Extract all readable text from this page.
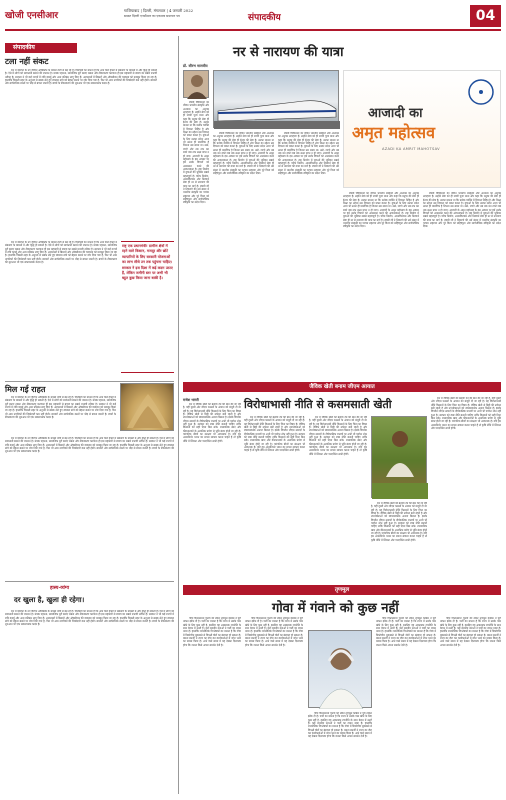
खोजी एनसीआर
गाजियाबाद | दिल्ली, मंगलवार | 4 जनवरी 2022
समस्त दिल्ली एनसीआर का एकमात्र समाचार पत्र	संपादकीय	04
संपादकीय
टला नहीं संकट

देश में कोरोना के नए वेरिएंट ओमिक्रॉन के मामले तेजी से बढ़ रहे हैं। विशेषज्ञों का मानना है कि आने वाले हफ्तों में संक्रमण के मामलों में और वृद्धि हो सकती है। ऐसे में लोगों को सावधानी बरतने की जरूरत है। मास्क पहनना, सामाजिक दूरी बनाए रखना और टीकाकरण करवाना ही इस महामारी से बचाव का सबसे प्रभावी तरीका है। सरकार ने भी कई राज्यों में रात्रि कर्फ्यू और अन्य प्रतिबंध लागू किए हैं। अस्पतालों में बिस्तरों और ऑक्सीजन की व्यवस्था को मजबूत किया जा रहा है। हालांकि पिछली लहर के अनुभव से सबक लेते हुए स्वास्थ्य ढांचे को बेहतर बनाने पर जोर दिया गया है, फिर भी आम नागरिकों की जिम्मेदारी कम नहीं होती। बाजारों और सार्वजनिक स्थलों पर भीड़ से बचना जरूरी है। बच्चों के टीकाकरण की शुरुआत भी एक सकारात्मक कदम है।

देश में कोरोना के नए वेरिएंट ओमिक्रॉन के मामले तेजी से बढ़ रहे हैं। विशेषज्ञों का मानना है कि आने वाले हफ्तों में संक्रमण के मामलों में और वृद्धि हो सकती है। ऐसे में लोगों को सावधानी बरतने की जरूरत है। मास्क पहनना, सामाजिक दूरी बनाए रखना और टीकाकरण करवाना ही इस महामारी से बचाव का सबसे प्रभावी तरीका है। सरकार ने भी कई राज्यों में रात्रि कर्फ्यू और अन्य प्रतिबंध लागू किए हैं। अस्पतालों में बिस्तरों और ऑक्सीजन की व्यवस्था को मजबूत किया जा रहा है। हालांकि पिछली लहर के अनुभव से सबक लेते हुए स्वास्थ्य ढांचे को बेहतर बनाने पर जोर दिया गया है, फिर भी आम नागरिकों की जिम्मेदारी कम नहीं होती। बाजारों और सार्वजनिक स्थलों पर भीड़ से बचना जरूरी है। बच्चों के टीकाकरण की शुरुआत भी एक सकारात्मक कदम है।

राष्ट्र एक प्रधानमंत्री! ग्रामीण क्षेत्रों में रहने वाले किसान, मजदूर और छोटे व्यापारियों के लिए सरकारी योजनाओं का लाभ सीधे उन तक पहुंचना चाहिए। सरकार ने इस दिशा में कई कदम उठाए हैं, लेकिन जमीनी स्तर पर अभी भी बहुत कुछ किया जाना बाकी है।
मिल गई राहत

देश में कोरोना के नए वेरिएंट ओमिक्रॉन के मामले तेजी से बढ़ रहे हैं। विशेषज्ञों का मानना है कि आने वाले हफ्तों में संक्रमण के मामलों में और वृद्धि हो सकती है। ऐसे में लोगों को सावधानी बरतने की जरूरत है। मास्क पहनना, सामाजिक दूरी बनाए रखना और टीकाकरण करवाना ही इस महामारी से बचाव का सबसे प्रभावी तरीका है। सरकार ने भी कई राज्यों में रात्रि कर्फ्यू और अन्य प्रतिबंध लागू किए हैं। अस्पतालों में बिस्तरों और ऑक्सीजन की व्यवस्था को मजबूत किया जा रहा है। हालांकि पिछली लहर के अनुभव से सबक लेते हुए स्वास्थ्य ढांचे को बेहतर बनाने पर जोर दिया गया है, फिर भी आम नागरिकों की जिम्मेदारी कम नहीं होती। बाजारों और सार्वजनिक स्थलों पर भीड़ से बचना जरूरी है। बच्चों के टीकाकरण की शुरुआत भी एक सकारात्मक कदम है।

देश में कोरोना के नए वेरिएंट ओमिक्रॉन के मामले तेजी से बढ़ रहे हैं। विशेषज्ञों का मानना है कि आने वाले हफ्तों में संक्रमण के मामलों में और वृद्धि हो सकती है। ऐसे में लोगों को सावधानी बरतने की जरूरत है। मास्क पहनना, सामाजिक दूरी बनाए रखना और टीकाकरण करवाना ही इस महामारी से बचाव का सबसे प्रभावी तरीका है। सरकार ने भी कई राज्यों में रात्रि कर्फ्यू और अन्य प्रतिबंध लागू किए हैं। अस्पतालों में बिस्तरों और ऑक्सीजन की व्यवस्था को मजबूत किया जा रहा है। हालांकि पिछली लहर के अनुभव से सबक लेते हुए स्वास्थ्य ढांचे को बेहतर बनाने पर जोर दिया गया है, फिर भी आम नागरिकों की जिम्मेदारी कम नहीं होती। बाजारों और सार्वजनिक स्थलों पर भीड़ से बचना जरूरी है। बच्चों के टीकाकरण की शुरुआत भी एक सकारात्मक कदम है।

हास्य-व्यंग्य
दर खुला है, खुला ही रहेगा।

देश में कोरोना के नए वेरिएंट ओमिक्रॉन के मामले तेजी से बढ़ रहे हैं। विशेषज्ञों का मानना है कि आने वाले हफ्तों में संक्रमण के मामलों में और वृद्धि हो सकती है। ऐसे में लोगों को सावधानी बरतने की जरूरत है। मास्क पहनना, सामाजिक दूरी बनाए रखना और टीकाकरण करवाना ही इस महामारी से बचाव का सबसे प्रभावी तरीका है। सरकार ने भी कई राज्यों में रात्रि कर्फ्यू और अन्य प्रतिबंध लागू किए हैं। अस्पतालों में बिस्तरों और ऑक्सीजन की व्यवस्था को मजबूत किया जा रहा है। हालांकि पिछली लहर के अनुभव से सबक लेते हुए स्वास्थ्य ढांचे को बेहतर बनाने पर जोर दिया गया है, फिर भी आम नागरिकों की जिम्मेदारी कम नहीं होती। बाजारों और सार्वजनिक स्थलों पर भीड़ से बचना जरूरी है। बच्चों के टीकाकरण की शुरुआत भी एक सकारात्मक कदम है।

नर से नारायण की यात्रा
डॉ. सौरभ मालवीय
आजादी का
अमृत महोत्सव
AZADI KA AMRIT MAHOTSAV

स्वामी विवेकानंद का जीवन भारतीय संस्कृति और अध्यात्म का अनुपम उदाहरण है। उन्होंने सेवा को ही सच्ची पूजा माना और कहा कि मनुष्य की सेवा ही ईश्वर की सेवा है। उनका मानना था कि प्रत्येक व्यक्ति में दिव्यता निहित है और शिक्षा का उद्देश्य उस दिव्यता को प्रकट करना है। युवाओं के लिए उनका संदेश आज भी उतना ही प्रासंगिक है जितना उस समय था। उठो, जागो और तब तक मत रुको जब तक लक्ष्य प्राप्त न हो जाए। आजादी के अमृत महोत्सव के इस अवसर पर हमें उनके विचारों को आत्मसात करने की आवश्यकता है। राष्ट्र निर्माण में युवाओं की भूमिका सबसे महत्वपूर्ण है। चरित्र निर्माण, आत्मविश्वास और निस्वार्थ सेवा ही नर से नारायण की यात्रा का मार्ग है। स्वामी जी ने शिकागो की धर्म संसद में भारतीय संस्कृति का परचम लहराया और पूरे विश्व को सहिष्णुता और सार्वभौमिक स्वीकृति का संदेश दिया।

स्वामी विवेकानंद का जीवन भारतीय संस्कृति और अध्यात्म का अनुपम उदाहरण है। उन्होंने सेवा को ही सच्ची पूजा माना और कहा कि मनुष्य की सेवा ही ईश्वर की सेवा है। उनका मानना था कि प्रत्येक व्यक्ति में दिव्यता निहित है और शिक्षा का उद्देश्य उस दिव्यता को प्रकट करना है। युवाओं के लिए उनका संदेश आज भी उतना ही प्रासंगिक है जितना उस समय था। उठो, जागो और तब तक मत रुको जब तक लक्ष्य प्राप्त न हो जाए। आजादी के अमृत महोत्सव के इस अवसर पर हमें उनके विचारों को आत्मसात करने की आवश्यकता है। राष्ट्र निर्माण में युवाओं की भूमिका सबसे महत्वपूर्ण है। चरित्र निर्माण, आत्मविश्वास और निस्वार्थ सेवा ही नर से नारायण की यात्रा का मार्ग है। स्वामी जी ने शिकागो की धर्म संसद में भारतीय संस्कृति का परचम लहराया और पूरे विश्व को सहिष्णुता और सार्वभौमिक स्वीकृति का संदेश दिया।

स्वामी विवेकानंद का जीवन भारतीय संस्कृति और अध्यात्म का अनुपम उदाहरण है। उन्होंने सेवा को ही सच्ची पूजा माना और कहा कि मनुष्य की सेवा ही ईश्वर की सेवा है। उनका मानना था कि प्रत्येक व्यक्ति में दिव्यता निहित है और शिक्षा का उद्देश्य उस दिव्यता को प्रकट करना है। युवाओं के लिए उनका संदेश आज भी उतना ही प्रासंगिक है जितना उस समय था। उठो, जागो और तब तक मत रुको जब तक लक्ष्य प्राप्त न हो जाए। आजादी के अमृत महोत्सव के इस अवसर पर हमें उनके विचारों को आत्मसात करने की आवश्यकता है। राष्ट्र निर्माण में युवाओं की भूमिका सबसे महत्वपूर्ण है। चरित्र निर्माण, आत्मविश्वास और निस्वार्थ सेवा ही नर से नारायण की यात्रा का मार्ग है। स्वामी जी ने शिकागो की धर्म संसद में भारतीय संस्कृति का परचम लहराया और पूरे विश्व को सहिष्णुता और सार्वभौमिक स्वीकृति का संदेश दिया।

स्वामी विवेकानंद का जीवन भारतीय संस्कृति और अध्यात्म का अनुपम उदाहरण है। उन्होंने सेवा को ही सच्ची पूजा माना और कहा कि मनुष्य की सेवा ही ईश्वर की सेवा है। उनका मानना था कि प्रत्येक व्यक्ति में दिव्यता निहित है और शिक्षा का उद्देश्य उस दिव्यता को प्रकट करना है। युवाओं के लिए उनका संदेश आज भी उतना ही प्रासंगिक है जितना उस समय था। उठो, जागो और तब तक मत रुको जब तक लक्ष्य प्राप्त न हो जाए। आजादी के अमृत महोत्सव के इस अवसर पर हमें उनके विचारों को आत्मसात करने की आवश्यकता है। राष्ट्र निर्माण में युवाओं की भूमिका सबसे महत्वपूर्ण है। चरित्र निर्माण, आत्मविश्वास और निस्वार्थ सेवा ही नर से नारायण की यात्रा का मार्ग है। स्वामी जी ने शिकागो की धर्म संसद में भारतीय संस्कृति का परचम लहराया और पूरे विश्व को सहिष्णुता और सार्वभौमिक स्वीकृति का संदेश दिया।

स्वामी विवेकानंद का जीवन भारतीय संस्कृति और अध्यात्म का अनुपम उदाहरण है। उन्होंने सेवा को ही सच्ची पूजा माना और कहा कि मनुष्य की सेवा ही ईश्वर की सेवा है। उनका मानना था कि प्रत्येक व्यक्ति में दिव्यता निहित है और शिक्षा का उद्देश्य उस दिव्यता को प्रकट करना है। युवाओं के लिए उनका संदेश आज भी उतना ही प्रासंगिक है जितना उस समय था। उठो, जागो और तब तक मत रुको जब तक लक्ष्य प्राप्त न हो जाए। आजादी के अमृत महोत्सव के इस अवसर पर हमें उनके विचारों को आत्मसात करने की आवश्यकता है। राष्ट्र निर्माण में युवाओं की भूमिका सबसे महत्वपूर्ण है। चरित्र निर्माण, आत्मविश्वास और निस्वार्थ सेवा ही नर से नारायण की यात्रा का मार्ग है। स्वामी जी ने शिकागो की धर्म संसद में भारतीय संस्कृति का परचम लहराया और पूरे विश्व को सहिष्णुता और सार्वभौमिक स्वीकृति का संदेश दिया।

जैविक खेती बनाम जीएम आयात
राजेश भारती

देश में जैविक खेती को बढ़ावा देने की बात की जा रही है, वहीं दूसरी ओर जीएम फसलों के आयात को मंजूरी दी जा रही है। यह विरोधाभासी नीति किसानों के लिए चिंता का विषय है। जैविक खेती से मिट्टी की उर्वरता बनी रहती है और उपभोक्ताओं को स्वास्थ्यवर्धक अनाज मिलता है। इसके विपरीत जीएम उत्पादों के दीर्घकालिक प्रभावों पर अभी भी पर्याप्त शोध नहीं हुआ है। सरकार को स्पष्ट नीति बनानी चाहिए ताकि किसानों को सही दिशा मिल सके। रासायनिक खाद और कीटनाशकों के अत्यधिक प्रयोग से भूमि बंजर होती जा रही है। पारंपरिक बीजों का संरक्षण भी आवश्यक है। यदि हम आत्मनिर्भर भारत का सपना साकार करना चाहते हैं तो कृषि नीति में स्थिरता और पारदर्शिता लानी होगी।

विरोधाभासी नीति से कसमसाती खेती

देश में जैविक खेती को बढ़ावा देने की बात की जा रही है, वहीं दूसरी ओर जीएम फसलों के आयात को मंजूरी दी जा रही है। यह विरोधाभासी नीति किसानों के लिए चिंता का विषय है। जैविक खेती से मिट्टी की उर्वरता बनी रहती है और उपभोक्ताओं को स्वास्थ्यवर्धक अनाज मिलता है। इसके विपरीत जीएम उत्पादों के दीर्घकालिक प्रभावों पर अभी भी पर्याप्त शोध नहीं हुआ है। सरकार को स्पष्ट नीति बनानी चाहिए ताकि किसानों को सही दिशा मिल सके। रासायनिक खाद और कीटनाशकों के अत्यधिक प्रयोग से भूमि बंजर होती जा रही है। पारंपरिक बीजों का संरक्षण भी आवश्यक है। यदि हम आत्मनिर्भर भारत का सपना साकार करना चाहते हैं तो कृषि नीति में स्थिरता और पारदर्शिता लानी होगी।

देश में जैविक खेती को बढ़ावा देने की बात की जा रही है, वहीं दूसरी ओर जीएम फसलों के आयात को मंजूरी दी जा रही है। यह विरोधाभासी नीति किसानों के लिए चिंता का विषय है। जैविक खेती से मिट्टी की उर्वरता बनी रहती है और उपभोक्ताओं को स्वास्थ्यवर्धक अनाज मिलता है। इसके विपरीत जीएम उत्पादों के दीर्घकालिक प्रभावों पर अभी भी पर्याप्त शोध नहीं हुआ है। सरकार को स्पष्ट नीति बनानी चाहिए ताकि किसानों को सही दिशा मिल सके। रासायनिक खाद और कीटनाशकों के अत्यधिक प्रयोग से भूमि बंजर होती जा रही है। पारंपरिक बीजों का संरक्षण भी आवश्यक है। यदि हम आत्मनिर्भर भारत का सपना साकार करना चाहते हैं तो कृषि नीति में स्थिरता और पारदर्शिता लानी होगी।

देश में जैविक खेती को बढ़ावा देने की बात की जा रही है, वहीं दूसरी ओर जीएम फसलों के आयात को मंजूरी दी जा रही है। यह विरोधाभासी नीति किसानों के लिए चिंता का विषय है। जैविक खेती से मिट्टी की उर्वरता बनी रहती है और उपभोक्ताओं को स्वास्थ्यवर्धक अनाज मिलता है। इसके विपरीत जीएम उत्पादों के दीर्घकालिक प्रभावों पर अभी भी पर्याप्त शोध नहीं हुआ है। सरकार को स्पष्ट नीति बनानी चाहिए ताकि किसानों को सही दिशा मिल सके। रासायनिक खाद और कीटनाशकों के अत्यधिक प्रयोग से भूमि बंजर होती जा रही है। पारंपरिक बीजों का संरक्षण भी आवश्यक है। यदि हम आत्मनिर्भर भारत का सपना साकार करना चाहते हैं तो कृषि नीति में स्थिरता और पारदर्शिता लानी होगी।

देश में जैविक खेती को बढ़ावा देने की बात की जा रही है, वहीं दूसरी ओर जीएम फसलों के आयात को मंजूरी दी जा रही है। यह विरोधाभासी नीति किसानों के लिए चिंता का विषय है। जैविक खेती से मिट्टी की उर्वरता बनी रहती है और उपभोक्ताओं को स्वास्थ्यवर्धक अनाज मिलता है। इसके विपरीत जीएम उत्पादों के दीर्घकालिक प्रभावों पर अभी भी पर्याप्त शोध नहीं हुआ है। सरकार को स्पष्ट नीति बनानी चाहिए ताकि किसानों को सही दिशा मिल सके। रासायनिक खाद और कीटनाशकों के अत्यधिक प्रयोग से भूमि बंजर होती जा रही है। पारंपरिक बीजों का संरक्षण भी आवश्यक है। यदि हम आत्मनिर्भर भारत का सपना साकार करना चाहते हैं तो कृषि नीति में स्थिरता और पारदर्शिता लानी होगी।

तृणमूल
गोवा में गंवाने को कुछ नहीं

गोवा विधानसभा चुनाव को लेकर तृणमूल कांग्रेस ने पूरी ताकत झोंक दी है। पार्टी का मानना है कि राज्य में उसके पास खोने के लिए कुछ नहीं है, इसलिए वह आक्रामक रणनीति के साथ मैदान में उतरी है। कई स्थानीय नेताओं ने पार्टी का दामन थामा है। हालांकि राजनीतिक विश्लेषकों का मानना है कि गोवा में त्रिकोणीय मुकाबले से विपक्षी वोटों का बंटवारा हो सकता है। ममता बनर्जी ने राज्य का दौरा कर कार्यकर्ताओं में जोश भरने का प्रयास किया है। आने वाले समय में यह देखना दिलचस्प होगा कि जनता किसे अपना समर्थन देती है।

गोवा विधानसभा चुनाव को लेकर तृणमूल कांग्रेस ने पूरी ताकत झोंक दी है। पार्टी का मानना है कि राज्य में उसके पास खोने के लिए कुछ नहीं है, इसलिए वह आक्रामक रणनीति के साथ मैदान में उतरी है। कई स्थानीय नेताओं ने पार्टी का दामन थामा है। हालांकि राजनीतिक विश्लेषकों का मानना है कि गोवा में त्रिकोणीय मुकाबले से विपक्षी वोटों का बंटवारा हो सकता है। ममता बनर्जी ने राज्य का दौरा कर कार्यकर्ताओं में जोश भरने का प्रयास किया है। आने वाले समय में यह देखना दिलचस्प होगा कि जनता किसे अपना समर्थन देती है।

गोवा विधानसभा चुनाव को लेकर तृणमूल कांग्रेस ने पूरी ताकत झोंक दी है। पार्टी का मानना है कि राज्य में उसके पास खोने के लिए कुछ नहीं है, इसलिए वह आक्रामक रणनीति के साथ मैदान में उतरी है। कई स्थानीय नेताओं ने पार्टी का दामन थामा है। हालांकि राजनीतिक विश्लेषकों का मानना है कि गोवा में त्रिकोणीय मुकाबले से विपक्षी वोटों का बंटवारा हो सकता है। ममता बनर्जी ने राज्य का दौरा कर कार्यकर्ताओं में जोश भरने का प्रयास किया है। आने वाले समय में यह देखना दिलचस्प होगा कि जनता किसे अपना समर्थन देती है।

गोवा विधानसभा चुनाव को लेकर तृणमूल कांग्रेस ने पूरी ताकत झोंक दी है। पार्टी का मानना है कि राज्य में उसके पास खोने के लिए कुछ नहीं है, इसलिए वह आक्रामक रणनीति के साथ मैदान में उतरी है। कई स्थानीय नेताओं ने पार्टी का दामन थामा है। हालांकि राजनीतिक विश्लेषकों का मानना है कि गोवा में त्रिकोणीय मुकाबले से विपक्षी वोटों का बंटवारा हो सकता है। ममता बनर्जी ने राज्य का दौरा कर कार्यकर्ताओं में जोश भरने का प्रयास किया है। आने वाले समय में यह देखना दिलचस्प होगा कि जनता किसे अपना समर्थन देती है।

गोवा विधानसभा चुनाव को लेकर तृणमूल कांग्रेस ने पूरी ताकत झोंक दी है। पार्टी का मानना है कि राज्य में उसके पास खोने के लिए कुछ नहीं है, इसलिए वह आक्रामक रणनीति के साथ मैदान में उतरी है। कई स्थानीय नेताओं ने पार्टी का दामन थामा है। हालांकि राजनीतिक विश्लेषकों का मानना है कि गोवा में त्रिकोणीय मुकाबले से विपक्षी वोटों का बंटवारा हो सकता है। ममता बनर्जी ने राज्य का दौरा कर कार्यकर्ताओं में जोश भरने का प्रयास किया है। आने वाले समय में यह देखना दिलचस्प होगा कि जनता किसे अपना समर्थन देती है।
